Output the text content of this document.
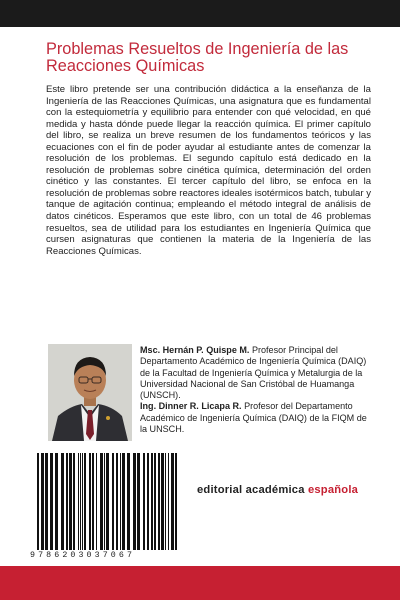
Problemas Resueltos de Ingeniería de las Reacciones Químicas

Este libro pretende ser una contribución didáctica a la enseñanza de la Ingeniería de las Reacciones Químicas, una asignatura que es fundamental con la estequiometría y equilibrio para entender con qué velocidad, en qué medida y hasta dónde puede llegar la reacción química. El primer capítulo del libro, se realiza un breve resumen de los fundamentos teóricos y las ecuaciones con el fin de poder ayudar al estudiante antes de comenzar la resolución de los problemas. El segundo capítulo está dedicado en la resolución de problemas sobre cinética química, determinación del orden cinético y las constantes. El tercer capítulo del libro, se enfoca en la resolución de problemas sobre reactores ideales isotérmicos batch, tubular y tanque de agitación continua; empleando el método integral de análisis de datos cinéticos. Esperamos que este libro, con un total de 46 problemas resueltos, sea de utilidad para los estudiantes en Ingeniería Química que cursen asignaturas que contienen la materia de la Ingeniería de las Reacciones Químicas.

Msc. Hernán P. Quispe M. Profesor Principal del Departamento Académico de Ingeniería Química (DAIQ) de la Facultad de Ingeniería Química y Metalurgia de la Universidad Nacional de San Cristóbal de Huamanga (UNSCH).

Ing. Dinner R. Licapa R. Profesor del Departamento Académico de Ingeniería Química (DAIQ) de la FIQM de la UNSCH.

9786203037067
editorial académica española
